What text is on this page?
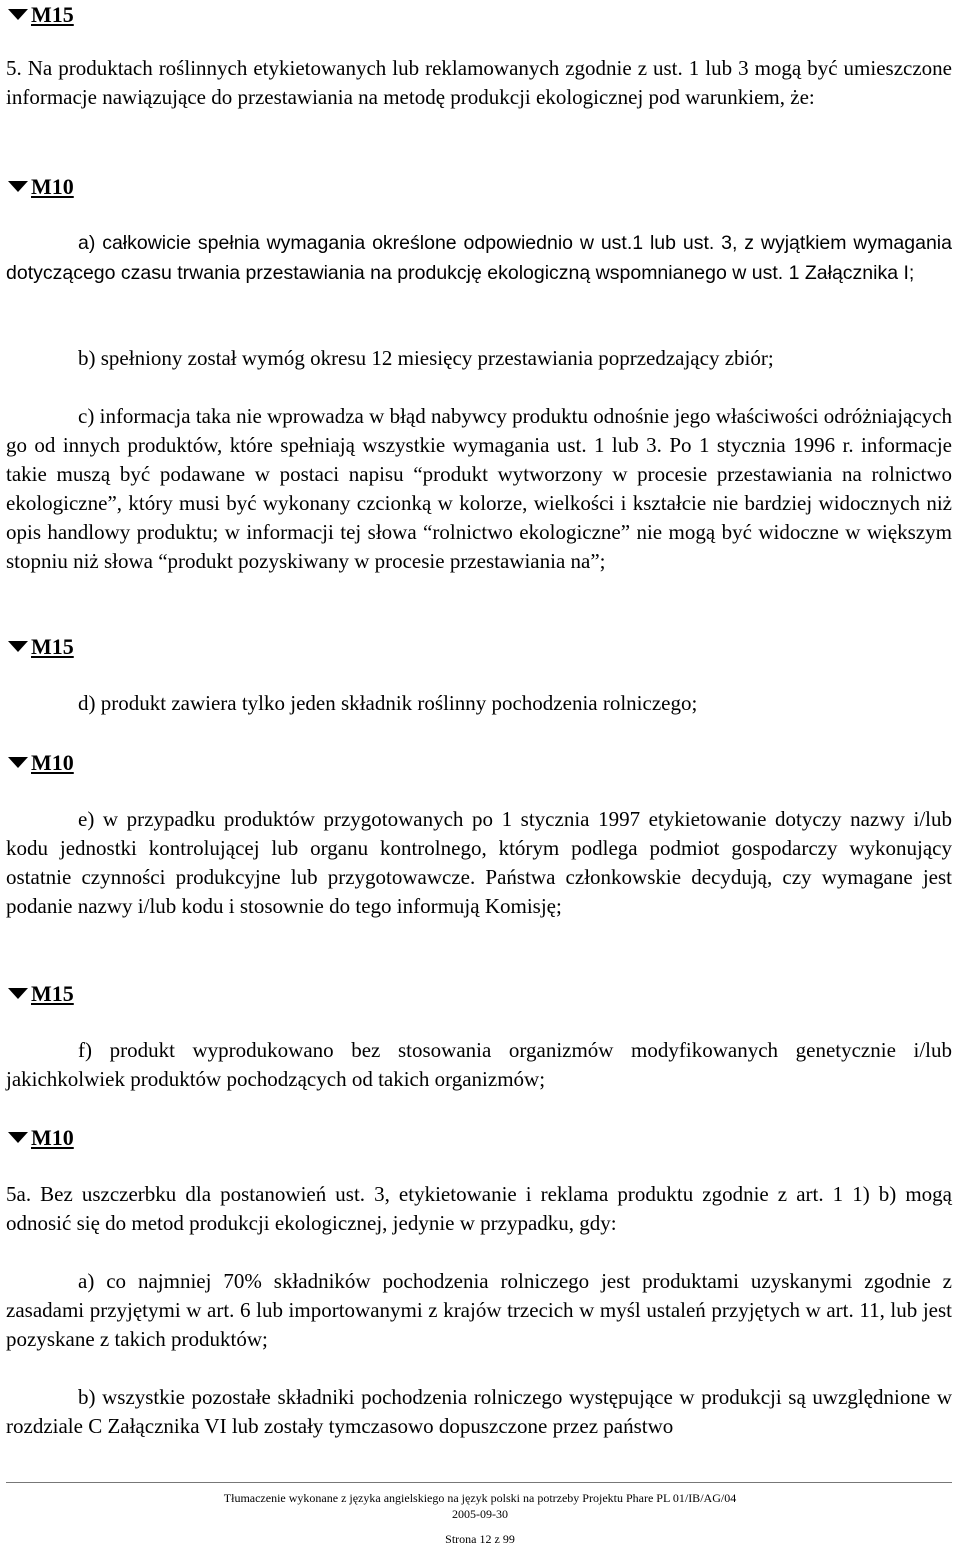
M15

5. Na produktach roślinnych etykietowanych lub reklamowanych zgodnie z ust. 1 lub 3 mogą być umieszczone informacje nawiązujące do przestawiania na metodę produkcji ekologicznej pod warunkiem, że:

M10

a) całkowicie spełnia wymagania określone odpowiednio w ust.1 lub ust. 3, z wyjątkiem wymagania dotyczącego czasu trwania przestawiania na produkcję ekologiczną wspomnianego w ust. 1 Załącznika I;

b) spełniony został wymóg okresu 12 miesięcy przestawiania poprzedzający zbiór;

c) informacja taka nie wprowadza w błąd nabywcy produktu odnośnie jego właściwości odróżniających go od innych produktów, które spełniają wszystkie wymagania ust. 1 lub 3. Po 1 stycznia 1996 r. informacje takie muszą być podawane w postaci napisu “produkt wytworzony w procesie przestawiania na rolnictwo ekologiczne”, który musi być wykonany czcionką w kolorze, wielkości i kształcie nie bardziej widocznych niż opis handlowy produktu; w informacji tej słowa “rolnictwo ekologiczne” nie mogą być widoczne w większym stopniu niż słowa “produkt pozyskiwany w procesie przestawiania na”;

M15

d) produkt zawiera tylko jeden składnik roślinny pochodzenia rolniczego;

M10

e) w przypadku produktów przygotowanych po 1 stycznia 1997 etykietowanie dotyczy nazwy i/lub kodu jednostki kontrolującej lub organu kontrolnego, którym podlega podmiot gospodarczy wykonujący ostatnie czynności produkcyjne lub przygotowawcze. Państwa członkowskie decydują, czy wymagane jest podanie nazwy i/lub kodu i stosownie do tego informują Komisję;

M15

f) produkt wyprodukowano bez stosowania organizmów modyfikowanych genetycznie i/lub jakichkolwiek produktów pochodzących od takich organizmów;

M10

5a. Bez uszczerbku dla postanowień ust. 3, etykietowanie i reklama produktu zgodnie z art. 1 1) b) mogą odnosić się do metod produkcji ekologicznej, jedynie w przypadku, gdy:

a) co najmniej 70% składników pochodzenia rolniczego jest produktami uzyskanymi zgodnie z zasadami przyjętymi w art. 6 lub importowanymi z krajów trzecich w myśl ustaleń przyjętych w art. 11, lub jest pozyskane z takich produktów;

b) wszystkie pozostałe składniki pochodzenia rolniczego występujące w produkcji są uwzględnione w rozdziale C Załącznika VI lub zostały tymczasowo dopuszczone przez państwo

Tłumaczenie wykonane z języka angielskiego na język polski na potrzeby Projektu Phare PL 01/IB/AG/04
2005-09-30
Strona 12 z 99
